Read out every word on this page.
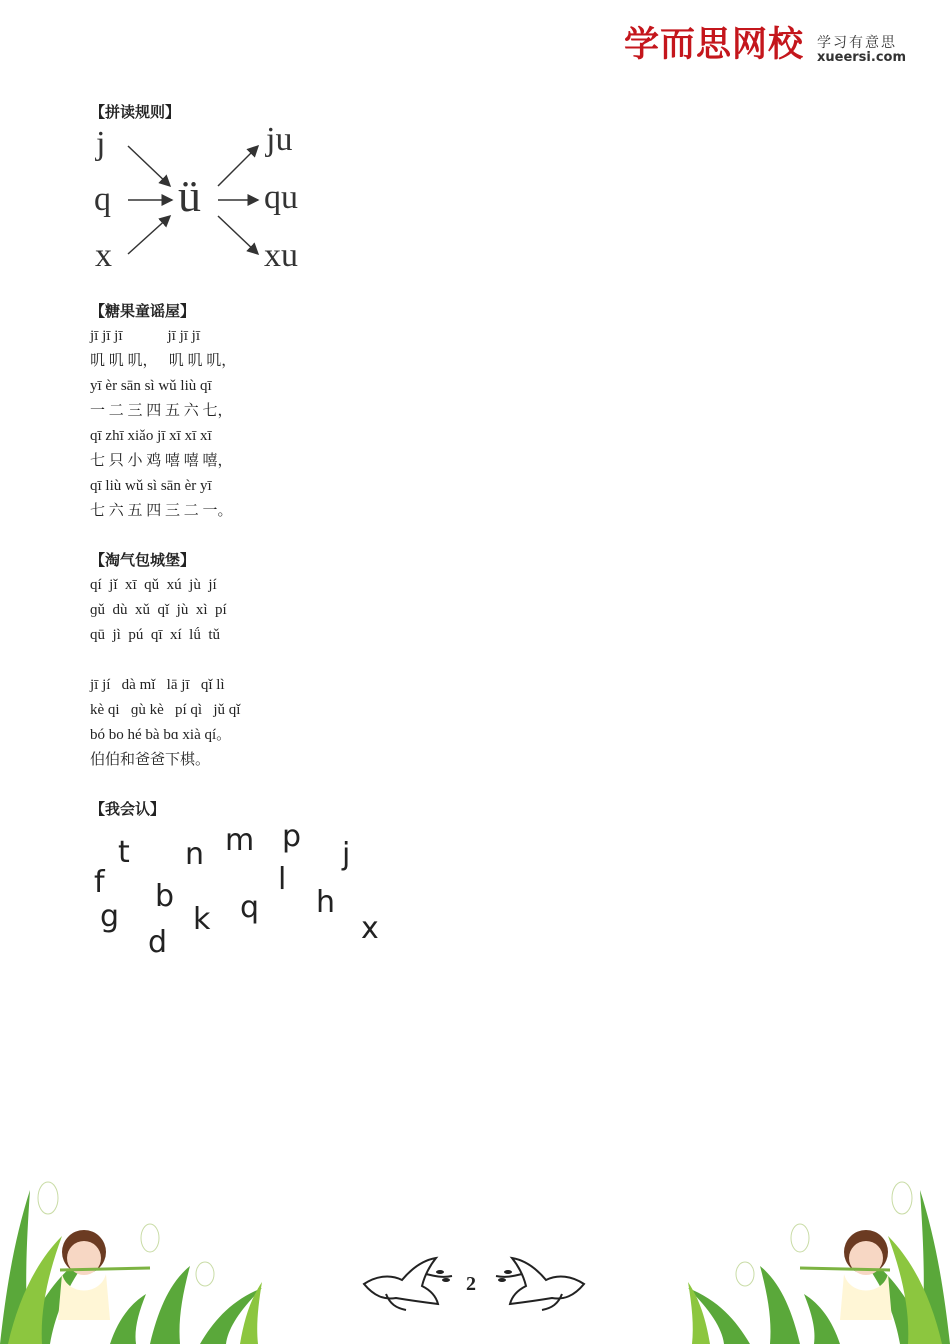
学而思网校 学习有意思
xueersi.com
【拼读规则】
j
q
x
ü
ju
qu
xu
【糖果童谣屋】
jī jī jī            jī jī jī
叽 叽 叽，   叽 叽 叽，
yī èr sān sì wǔ liù qī
一 二 三 四 五 六 七，
qī zhī xiǎo jī xī xī xī
七 只 小 鸡 嘻 嘻 嘻，
qī liù wǔ sì sān èr yī
七 六 五 四 三 二 一。
【淘气包城堡】
qí  jǐ  xī  qǔ  xú  jù  jí
ɡǔ  dù  xǔ  qǐ  jù  xì  pí
qū  jì  pú  qī  xí  lǘ  tǔ
jī jí   dà mǐ   lā jī   qǐ lì
kè qi   ɡù kè   pí qì   jǔ qǐ
bó bo hé bà bɑ xià qí。
伯伯和爸爸下棋。
【我会认】
t n m p
j
f	l
b	h
g k q
x
d
2
